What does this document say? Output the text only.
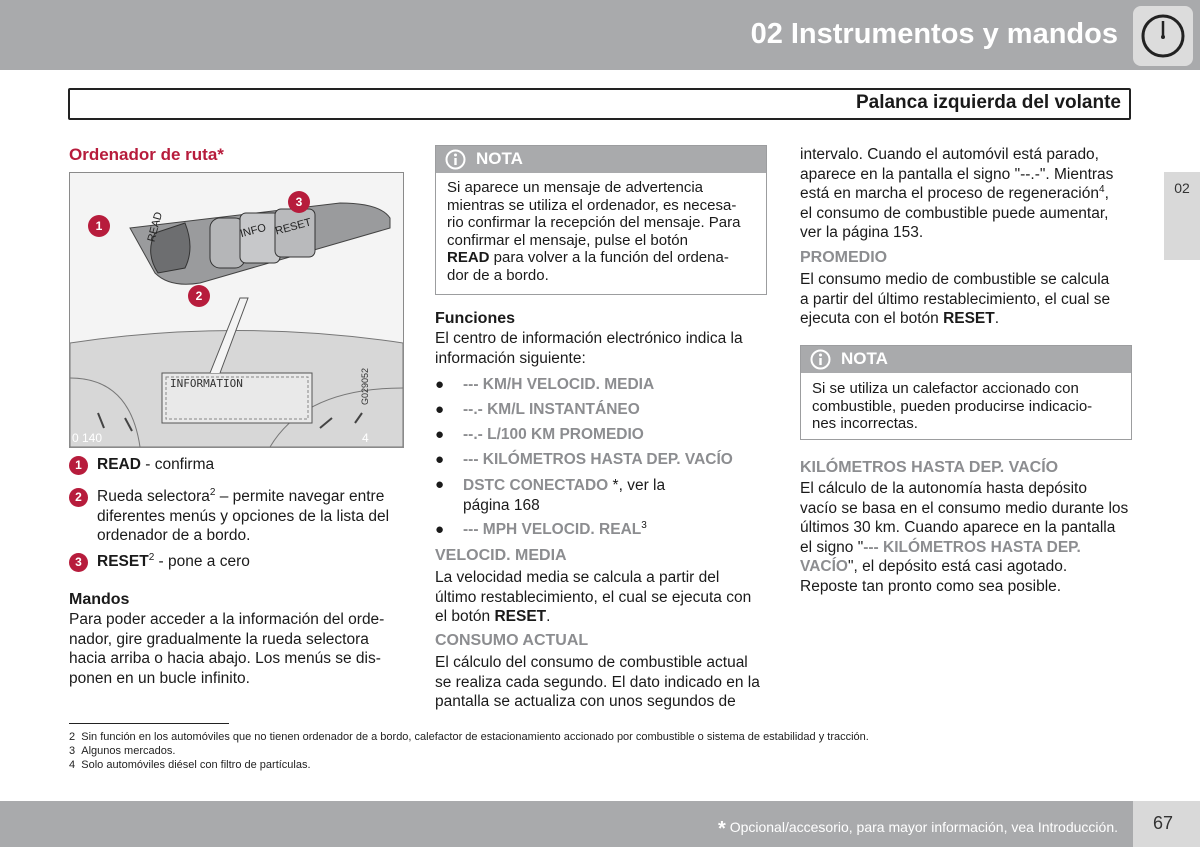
02 Instrumentos y mandos
Palanca izquierda del volante
02
Ordenador de ruta*
READ	INFO RESET
INFORMATION
0 140	4
G029052
1
2
3
1 READ - confirma
2 Rueda selectora$^2$ – permite navegar entre
diferentes menús y opciones de la lista del
ordenador de a bordo.
3 RESET$^2$ - pone a cero
Mandos
Para poder acceder a la información del orde-
nador, gire gradualmente la rueda selectora
hacia arriba o hacia abajo. Los menús se dis-
ponen en un bucle infinito.
NOTA
Si aparece un mensaje de advertencia
mientras se utiliza el ordenador, es necesa-
rio confirmar la recepción del mensaje. Para
confirmar el mensaje, pulse el botón
READ para volver a la función del ordena-
dor de a bordo.
Funciones
El centro de información electrónico indica la
información siguiente:
● --- KM/H VELOCID. MEDIA
● --.- KM/L INSTANTÁNEO
● --.- L/100 KM PROMEDIO
● --- KILÓMETROS HASTA DEP. VACÍO
● DSTC CONECTADO *, ver la
página 168
● --- MPH VELOCID. REAL$^3$
VELOCID. MEDIA
La velocidad media se calcula a partir del
último restablecimiento, el cual se ejecuta con
el botón RESET.
CONSUMO ACTUAL
El cálculo del consumo de combustible actual
se realiza cada segundo. El dato indicado en la
pantalla se actualiza con unos segundos de
intervalo. Cuando el automóvil está parado,
aparece en la pantalla el signo "--.-". Mientras
está en marcha el proceso de regeneración$^4$,
el consumo de combustible puede aumentar,
ver la página 153.
PROMEDIO
El consumo medio de combustible se calcula
a partir del último restablecimiento, el cual se
ejecuta con el botón RESET.
NOTA
Si se utiliza un calefactor accionado con
combustible, pueden producirse indicacio-
nes incorrectas.
KILÓMETROS HASTA DEP. VACÍO
El cálculo de la autonomía hasta depósito
vacío se basa en el consumo medio durante los
últimos 30 km. Cuando aparece en la pantalla
el signo "--- KILÓMETROS HASTA DEP.
VACÍO", el depósito está casi agotado.
Reposte tan pronto como sea posible.
2 Sin función en los automóviles que no tienen ordenador de a bordo, calefactor de estacionamiento accionado por combustible o sistema de estabilidad y tracción.
3 Algunos mercados.
4 Solo automóviles diésel con filtro de partículas.
* Opcional/accesorio, para mayor información, vea Introducción.	67
